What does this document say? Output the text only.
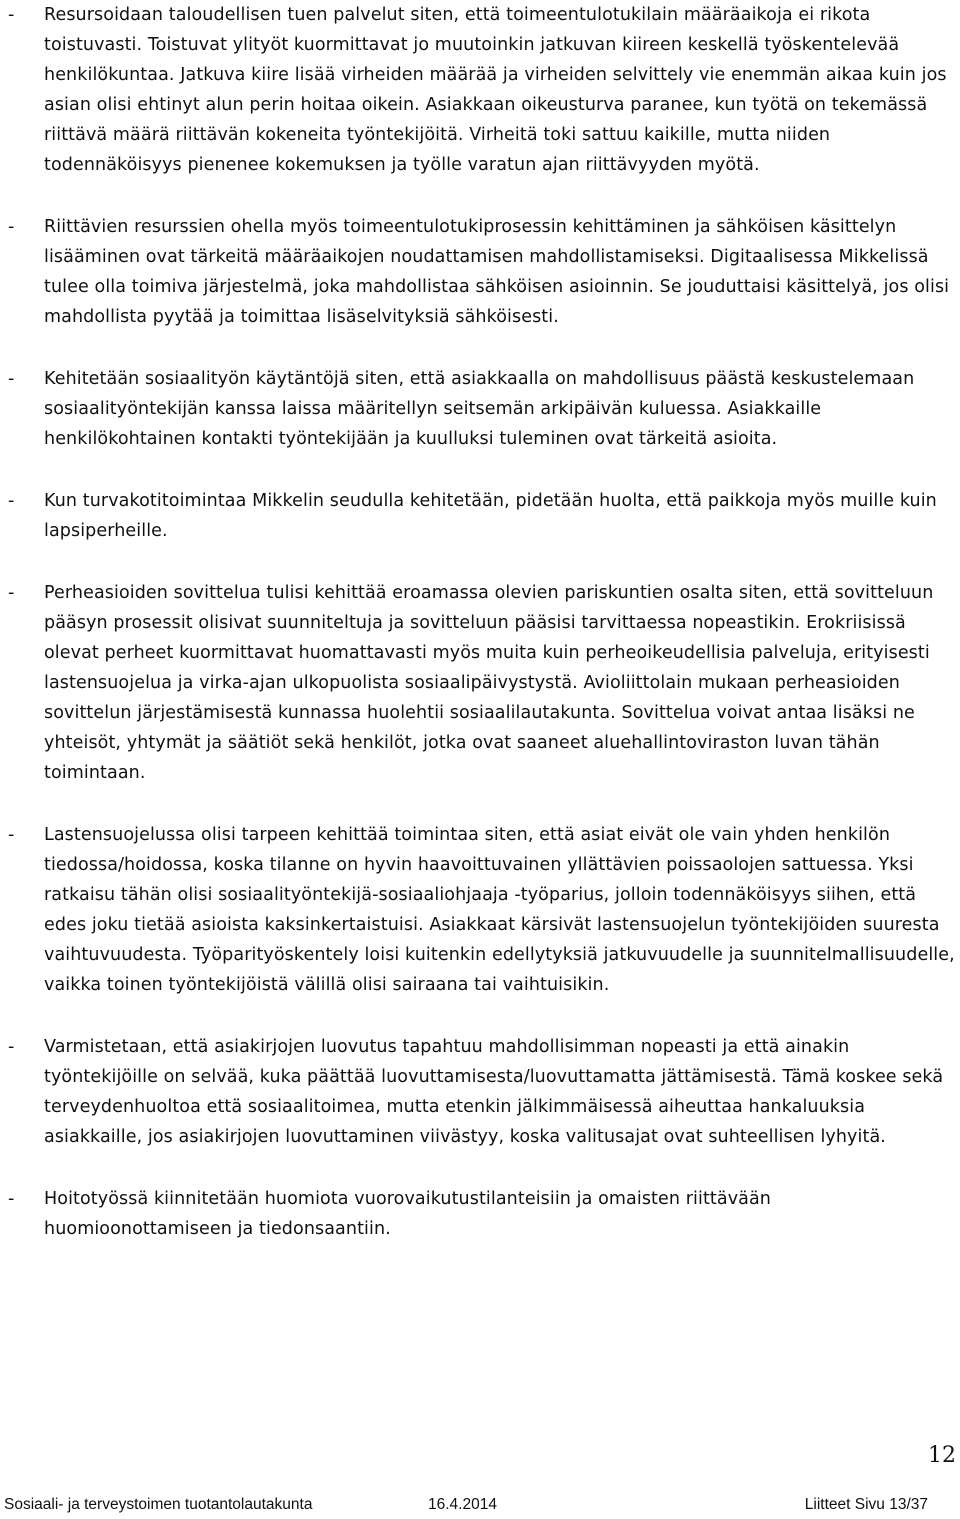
-	Resursoidaan taloudellisen tuen palvelut siten, että toimeentulotukilain määräaikoja ei rikota toistuvasti. Toistuvat ylityöt kuormittavat jo muutoinkin jatkuvan kiireen keskellä työskentelevää henkilökuntaa. Jatkuva kiire lisää virheiden määrää ja virheiden selvittely vie enemmän aikaa kuin jos asian olisi ehtinyt alun perin hoitaa oikein. Asiakkaan oikeusturva paranee, kun työtä on tekemässä riittävä määrä riittävän kokeneita työntekijöitä. Virheitä toki sattuu kaikille, mutta niiden todennäköisyys pienenee kokemuksen ja työlle varatun ajan riittävyyden myötä.
-	Riittävien resurssien ohella myös toimeentulotukiprosessin kehittäminen ja sähköisen käsittelyn lisääminen ovat tärkeitä määräaikojen noudattamisen mahdollistamiseksi. Digitaalisessa Mikkelissä tulee olla toimiva järjestelmä, joka mahdollistaa sähköisen asioinnin. Se jouduttaisi käsittelyä, jos olisi mahdollista pyytää ja toimittaa lisäselvityksiä sähköisesti.
-	Kehitetään sosiaalityön käytäntöjä siten, että asiakkaalla on mahdollisuus päästä keskustelemaan sosiaalityöntekijän kanssa laissa määritellyn seitsemän arkipäivän kuluessa. Asiakkaille henkilökohtainen kontakti työntekijään ja kuulluksi tuleminen ovat tärkeitä asioita.
-	Kun turvakotitoimintaa Mikkelin seudulla kehitetään, pidetään huolta, että paikkoja myös muille kuin lapsiperheille.
-	Perheasioiden sovittelua tulisi kehittää eroamassa olevien pariskuntien osalta siten, että sovitteluun pääsyn prosessit olisivat suunniteltuja ja sovitteluun pääsisi tarvittaessa nopeastikin. Erokriisissä olevat perheet kuormittavat huomattavasti myös muita kuin perheoikeudellisia palveluja, erityisesti lastensuojelua ja virka-ajan ulkopuolista sosiaalipäivystystä. Avioliittolain mukaan perheasioiden sovittelun järjestämisestä kunnassa huolehtii sosiaalilautakunta. Sovittelua voivat antaa lisäksi ne yhteisöt, yhtymät ja säätiöt sekä henkilöt, jotka ovat saaneet aluehallintoviraston luvan tähän toimintaan.
-	Lastensuojelussa olisi tarpeen kehittää toimintaa siten, että asiat eivät ole vain yhden henkilön tiedossa/hoidossa, koska tilanne on hyvin haavoittuvainen yllättävien poissaolojen sattuessa. Yksi ratkaisu tähän olisi sosiaalityöntekijä-sosiaaliohjaaja -työparius, jolloin todennäköisyys siihen, että edes joku tietää asioista kaksinkertaistuisi. Asiakkaat kärsivät lastensuojelun työntekijöiden suuresta vaihtuvuudesta. Työparityöskentely loisi kuitenkin edellytyksiä jatkuvuudelle ja suunnitelmallisuudelle, vaikka toinen työntekijöistä välillä olisi sairaana tai vaihtuisikin.
-	Varmistetaan, että asiakirjojen luovutus tapahtuu mahdollisimman nopeasti ja että ainakin työntekijöille on selvää, kuka päättää luovuttamisesta/luovuttamatta jättämisestä. Tämä koskee sekä terveydenhuoltoa että sosiaalitoimea, mutta etenkin jälkimmäisessä aiheuttaa hankaluuksia asiakkaille, jos asiakirjojen luovuttaminen viivästyy, koska valitusajat ovat suhteellisen lyhyitä.
-	Hoitotyössä kiinnitetään huomiota vuorovaikutustilanteisiin ja omaisten riittävään huomioonottamiseen ja tiedonsaantiin.
12
Sosiaali- ja terveystoimen tuotantolautakunta	16.4.2014	Liitteet Sivu 13/37
